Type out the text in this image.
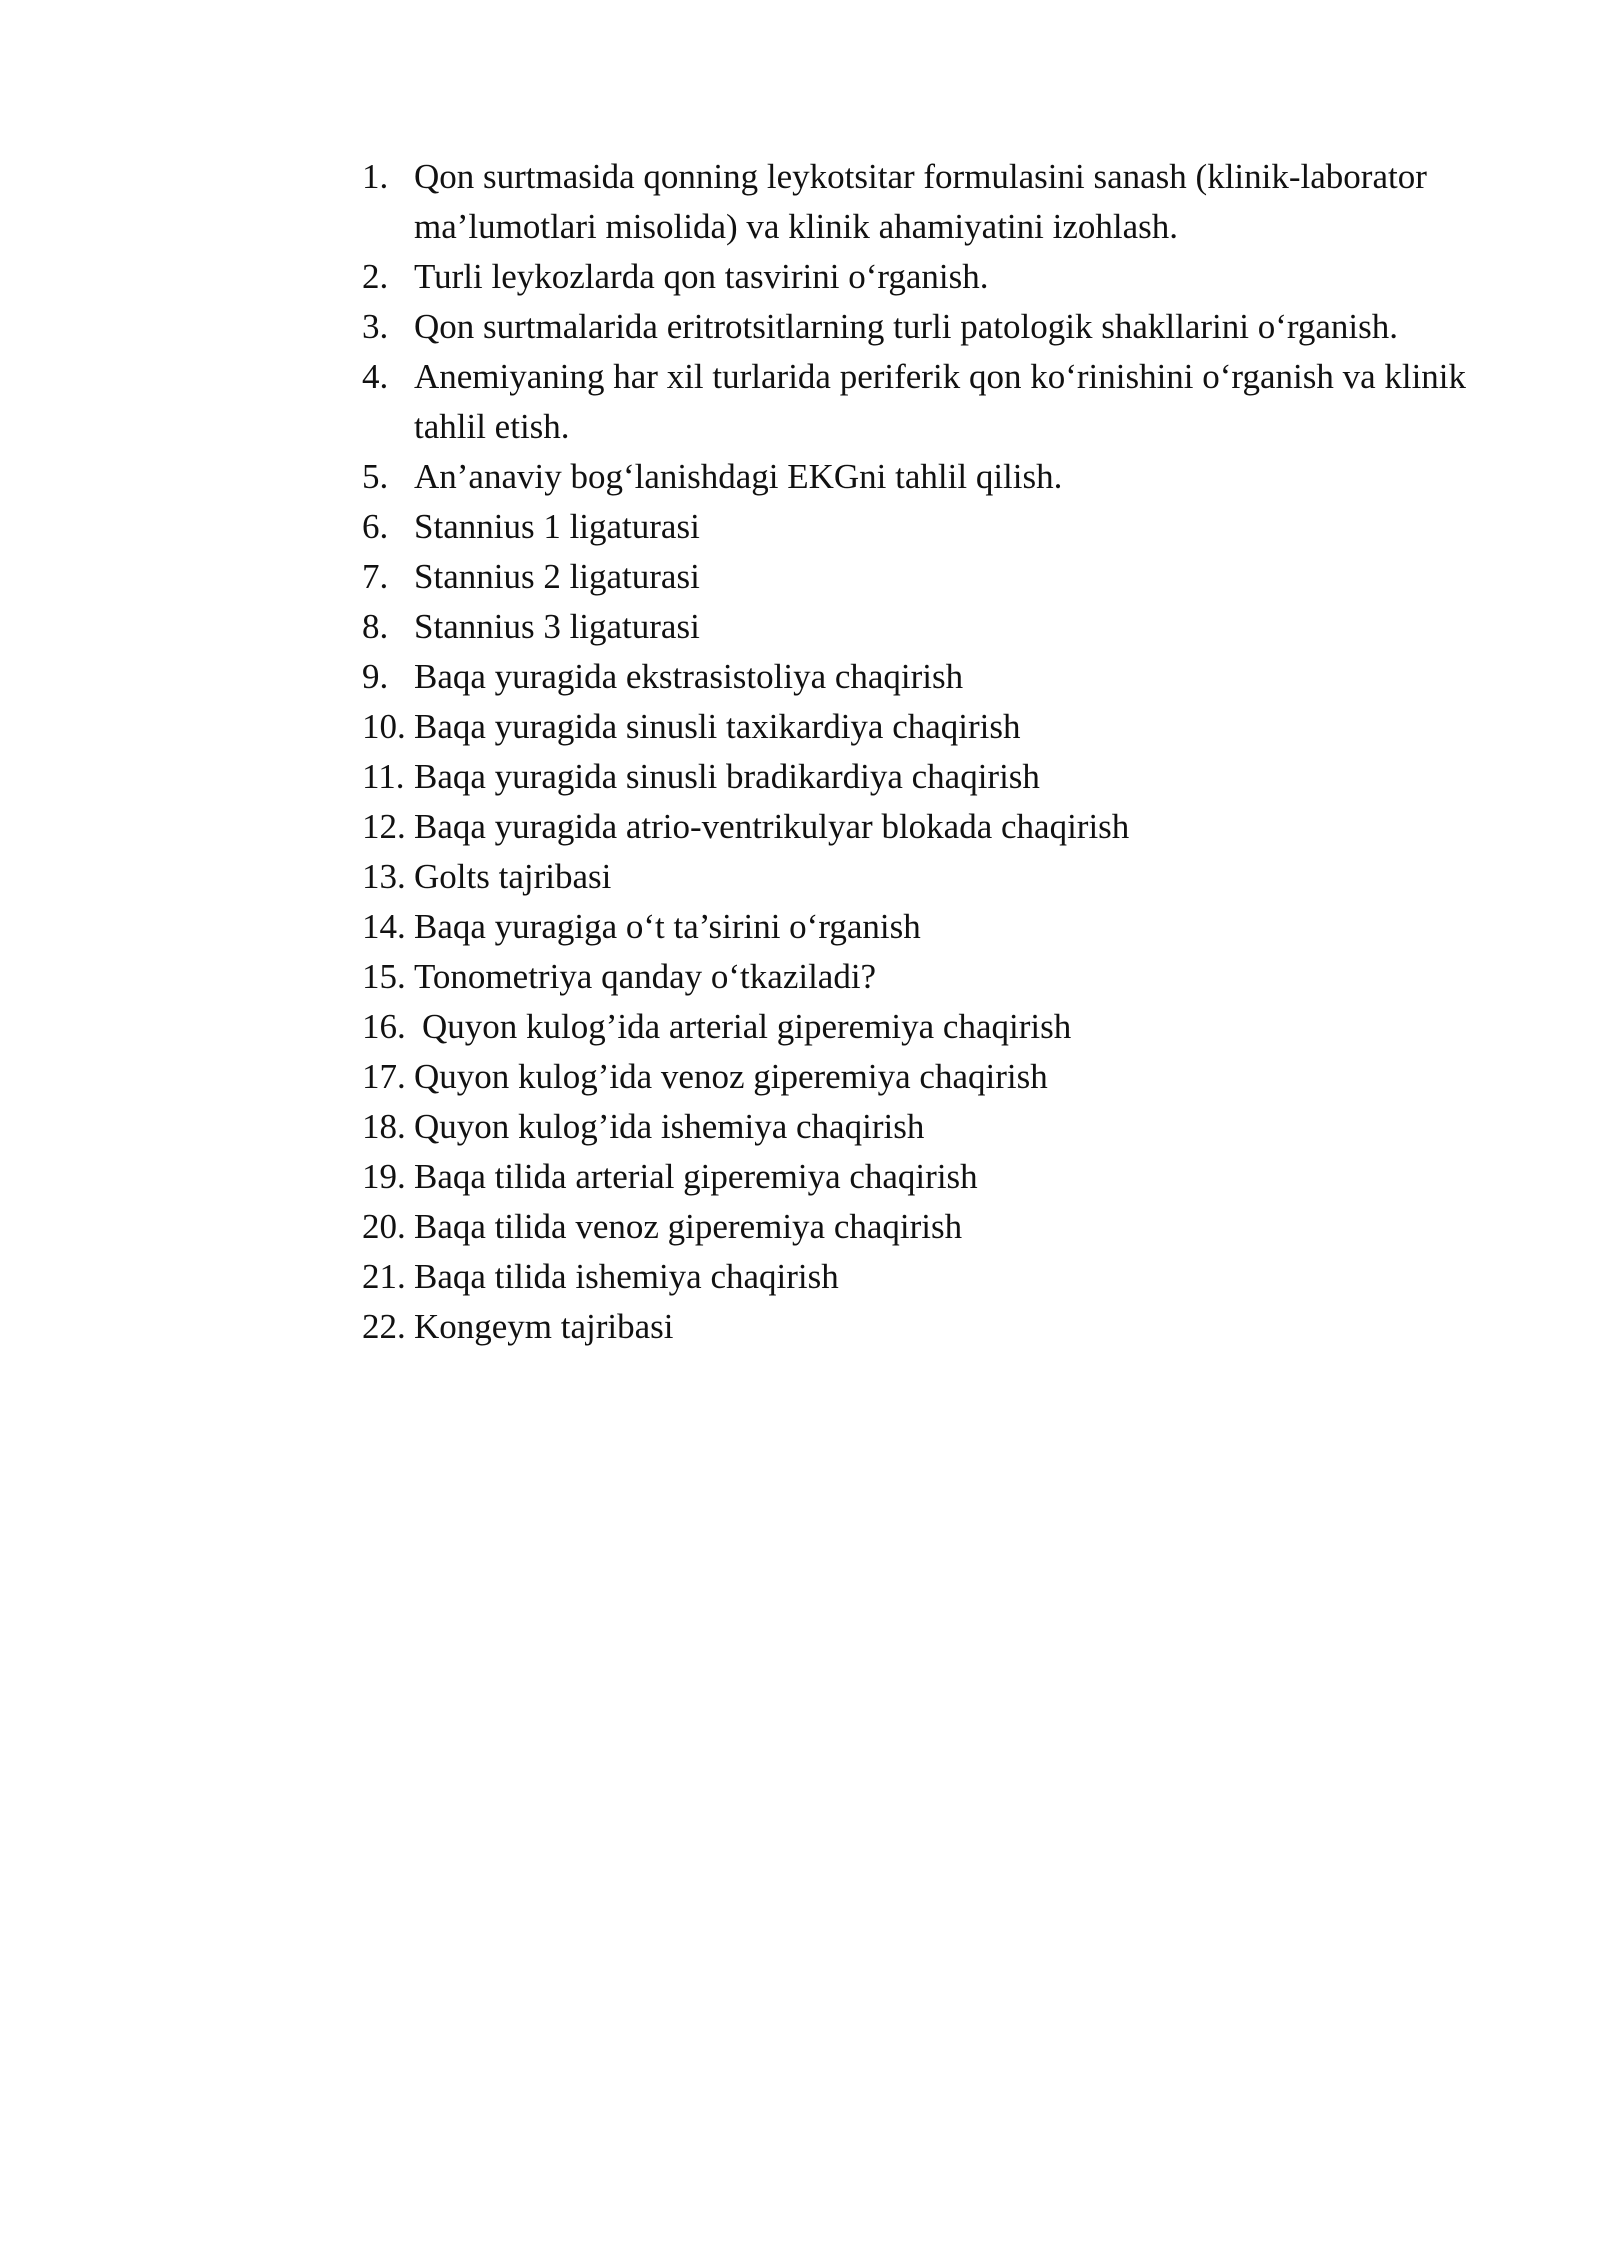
1. Qon surtmasida qonning leykotsitar formulasini sanash (klinik-laborator ma’lumotlari misolida) va klinik ahamiyatini izohlash.
2. Turli leykozlarda qon tasvirini o‘rganish.
3. Qon surtmalarida eritrotsitlarning turli patologik shakllarini o‘rganish.
4. Anemiyaning har xil turlarida periferik qon ko‘rinishini o‘rganish va klinik tahlil etish.
5. An’anaviy bog‘lanishdagi EKGni tahlil qilish.
6. Stannius 1 ligaturasi
7. Stannius 2 ligaturasi
8. Stannius 3 ligaturasi
9. Baqa yuragida ekstrasistoliya chaqirish
10. Baqa yuragida sinusli taxikardiya chaqirish
11. Baqa yuragida sinusli bradikardiya chaqirish
12. Baqa yuragida atrio-ventrikulyar blokada chaqirish
13. Golts tajribasi
14. Baqa yuragiga o‘t ta’sirini o‘rganish
15. Tonometriya qanday o‘tkaziladi?
16. Quyon kulog’ida arterial giperemiya chaqirish
17. Quyon kulog’ida venoz giperemiya chaqirish
18. Quyon kulog’ida ishemiya chaqirish
19. Baqa tilida arterial giperemiya chaqirish
20. Baqa tilida venoz giperemiya chaqirish
21. Baqa tilida ishemiya chaqirish
22. Kongeym tajribasi
